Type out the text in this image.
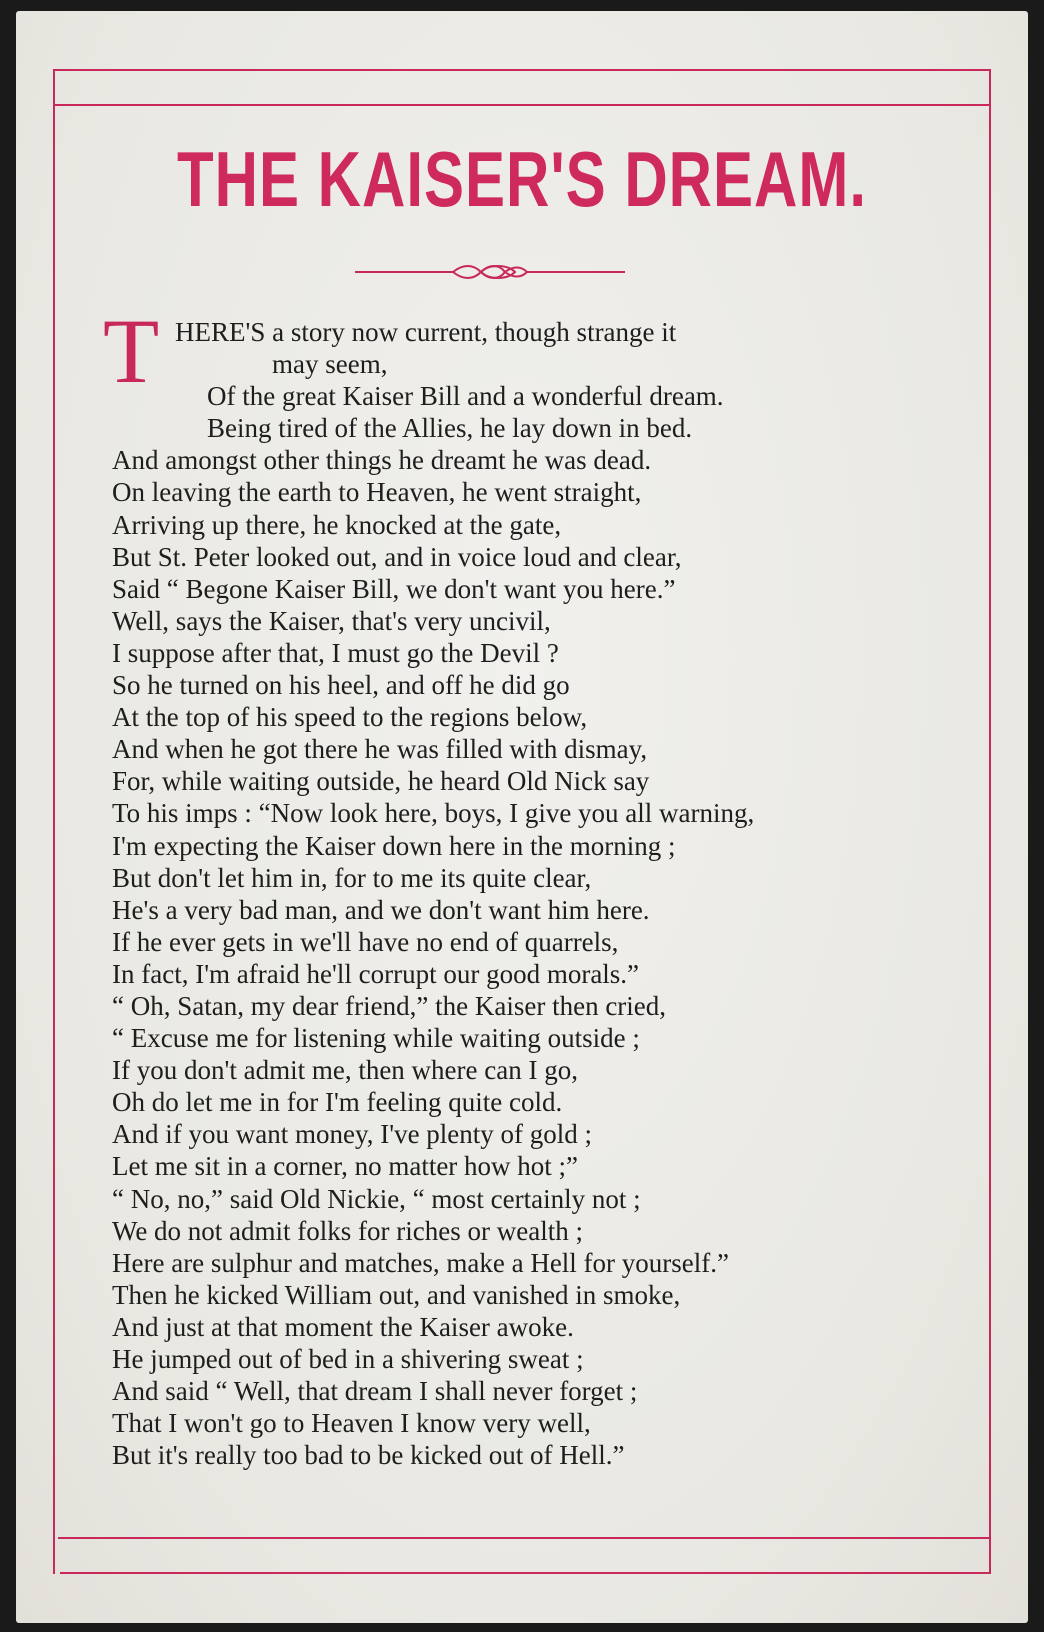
THE KAISER'S DREAM.
T HERE'S a story now current, though strange it
may seem,
Of the great Kaiser Bill and a wonderful dream.
Being tired of the Allies, he lay down in bed.
And amongst other things he dreamt he was dead.
On leaving the earth to Heaven, he went straight,
Arriving up there, he knocked at the gate,
But St. Peter looked out, and in voice loud and clear,
Said “ Begone Kaiser Bill, we don't want you here.”
Well, says the Kaiser, that's very uncivil,
I suppose after that, I must go the Devil ?
So he turned on his heel, and off he did go
At the top of his speed to the regions below,
And when he got there he was filled with dismay,
For, while waiting outside, he heard Old Nick say
To his imps : “Now look here, boys, I give you all warning,
I'm expecting the Kaiser down here in the morning ;
But don't let him in, for to me its quite clear,
He's a very bad man, and we don't want him here.
If he ever gets in we'll have no end of quarrels,
In fact, I'm afraid he'll corrupt our good morals.”
“ Oh, Satan, my dear friend,” the Kaiser then cried,
“ Excuse me for listening while waiting outside ;
If you don't admit me, then where can I go,
Oh do let me in for I'm feeling quite cold.
And if you want money, I've plenty of gold ;
Let me sit in a corner, no matter how hot ;”
“ No, no,” said Old Nickie, “ most certainly not ;
We do not admit folks for riches or wealth ;
Here are sulphur and matches, make a Hell for yourself.”
Then he kicked William out, and vanished in smoke,
And just at that moment the Kaiser awoke.
He jumped out of bed in a shivering sweat ;
And said “ Well, that dream I shall never forget ;
That I won't go to Heaven I know very well,
But it's really too bad to be kicked out of Hell.”
